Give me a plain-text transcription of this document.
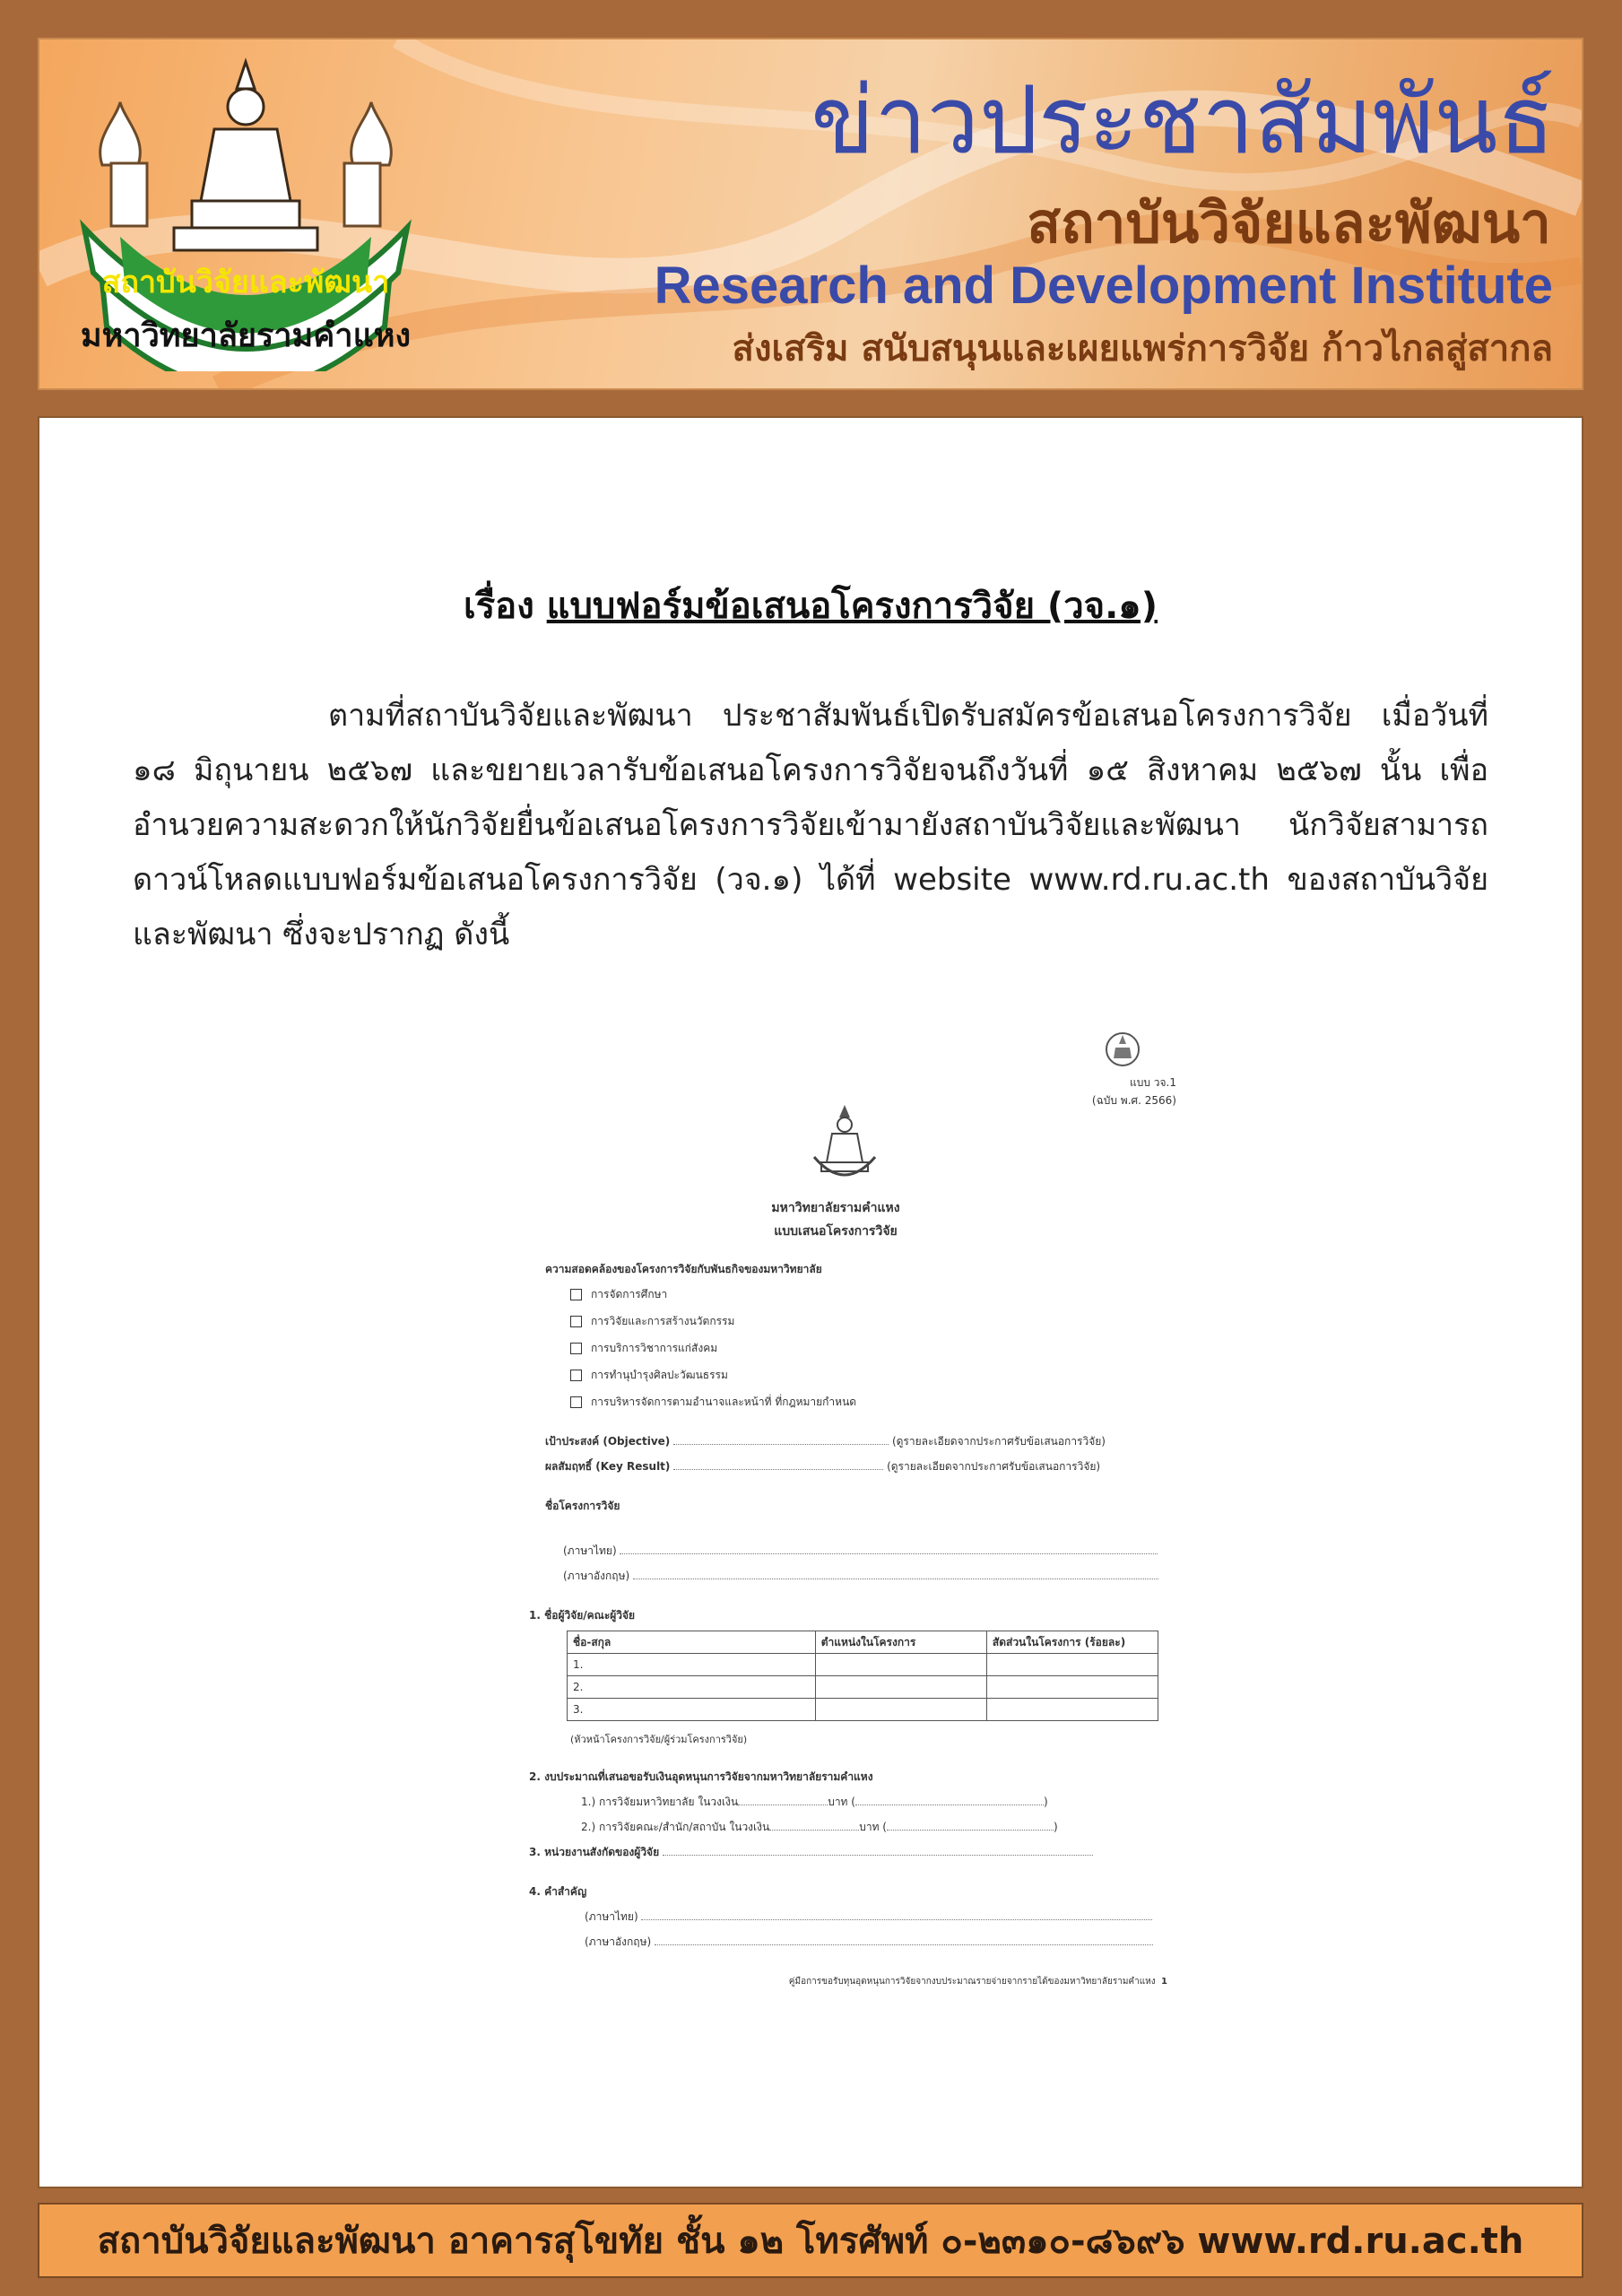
สถาบันวิจัยและพัฒนา
มหาวิทยาลัยรามคำแหง
ข่าวประชาสัมพันธ์

สถาบันวิจัยและพัฒนา

Research and Development Institute

ส่งเสริม สนับสนุนและเผยแพร่การวิจัย ก้าวไกลสู่สากล

เรื่อง แบบฟอร์มข้อเสนอโครงการวิจัย (วจ.๑)

ตามที่สถาบันวิจัยและพัฒนา ประชาสัมพันธ์เปิดรับสมัครข้อเสนอโครงการวิจัย เมื่อวันที่ ๑๘ มิถุนายน ๒๕๖๗ และขยายเวลารับข้อเสนอโครงการวิจัยจนถึงวันที่ ๑๕ สิงหาคม ๒๕๖๗ นั้น เพื่ออำนวยความสะดวกให้นักวิจัยยื่นข้อเสนอโครงการวิจัยเข้ามายังสถาบันวิจัยและพัฒนา นักวิจัยสามารถดาวน์โหลดแบบฟอร์มข้อเสนอโครงการวิจัย (วจ.๑) ได้ที่ website www.rd.ru.ac.th ของสถาบันวิจัยและพัฒนา ซึ่งจะปรากฏ ดังนี้

แบบ วจ.1

(ฉบับ พ.ศ. 2566)

มหาวิทยาลัยรามคำแหง

แบบเสนอโครงการวิจัย

ความสอดคล้องของโครงการวิจัยกับพันธกิจของมหาวิทยาลัย

การจัดการศึกษา

การวิจัยและการสร้างนวัตกรรม

การบริการวิชาการแก่สังคม

การทำนุบำรุงศิลปะวัฒนธรรม

การบริหารจัดการตามอำนาจและหน้าที่ ที่กฎหมายกำหนด

เป้าประสงค์ (Objective)	(ดูรายละเอียดจากประกาศรับข้อเสนอการวิจัย)

ผลสัมฤทธิ์ (Key Result)	(ดูรายละเอียดจากประกาศรับข้อเสนอการวิจัย)

ชื่อโครงการวิจัย

(ภาษาไทย)

(ภาษาอังกฤษ)

1. ชื่อผู้วิจัย/คณะผู้วิจัย

ชื่อ-สกุล	ตำแหน่งในโครงการ	สัดส่วนในโครงการ (ร้อยละ)
1.		
2.		
3.		

(หัวหน้าโครงการวิจัย/ผู้ร่วมโครงการวิจัย)

2. งบประมาณที่เสนอขอรับเงินอุดหนุนการวิจัยจากมหาวิทยาลัยรามคำแหง

1.) การวิจัยมหาวิทยาลัย ในวงเงิน	บาท (	)

2.) การวิจัยคณะ/สำนัก/สถาบัน ในวงเงิน	บาท (	)

3. หน่วยงานสังกัดของผู้วิจัย

4. คำสำคัญ

(ภาษาไทย)

(ภาษาอังกฤษ)

คู่มือการขอรับทุนอุดหนุนการวิจัยจากงบประมาณรายจ่ายจากรายได้ของมหาวิทยาลัยรามคำแหง 1

สถาบันวิจัยและพัฒนา อาคารสุโขทัย ชั้น ๑๒ โทรศัพท์ ๐-๒๓๑๐-๘๖๙๖ www.rd.ru.ac.th
